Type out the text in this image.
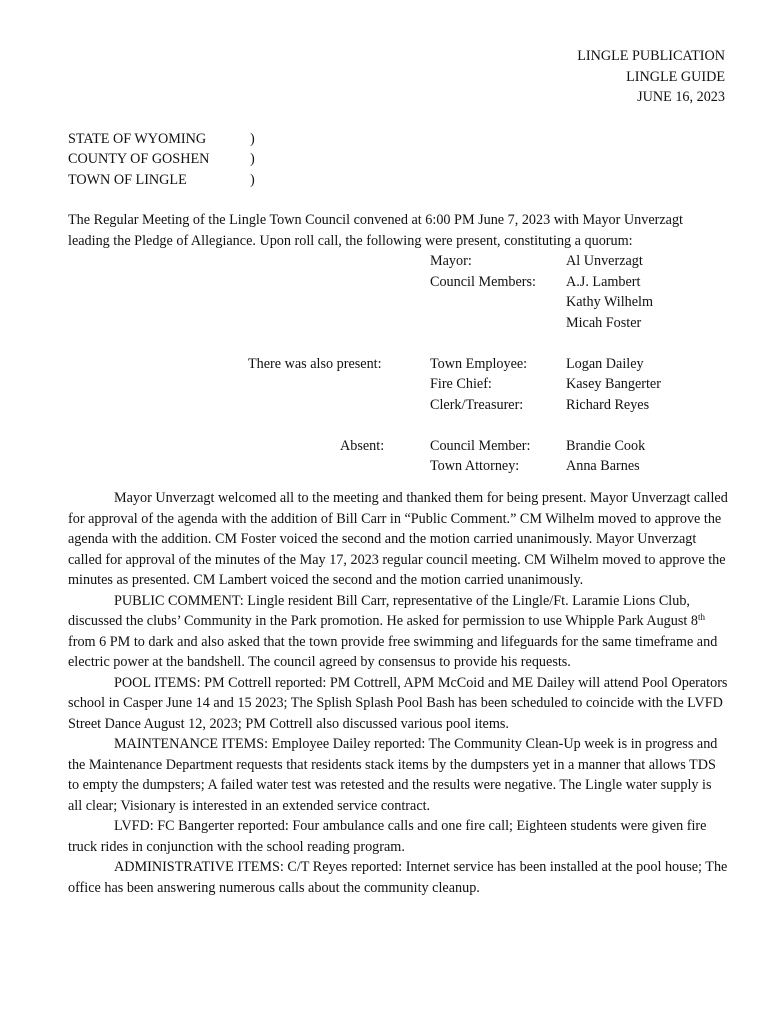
LINGLE PUBLICATION
LINGLE GUIDE
JUNE 16, 2023
STATE OF WYOMING	)
COUNTY OF GOSHEN	)
TOWN OF LINGLE	)
The Regular Meeting of the Lingle Town Council convened at 6:00 PM June 7, 2023 with Mayor Unverzagt leading the Pledge of Allegiance. Upon roll call, the following were present, constituting a quorum:
Mayor:	Al Unverzagt
Council Members: A.J. Lambert
Kathy Wilhelm
Micah Foster
There was also present:	Town Employee:	Logan Dailey
Fire Chief:	Kasey Bangerter
Clerk/Treasurer:	Richard Reyes
Absent:	Council Member:	Brandie Cook
Town Attorney:	Anna Barnes

Mayor Unverzagt welcomed all to the meeting and thanked them for being present. Mayor Unverzagt called for approval of the agenda with the addition of Bill Carr in “Public Comment.” CM Wilhelm moved to approve the agenda with the addition. CM Foster voiced the second and the motion carried unanimously. Mayor Unverzagt called for approval of the minutes of the May 17, 2023 regular council meeting. CM Wilhelm moved to approve the minutes as presented. CM Lambert voiced the second and the motion carried unanimously.

PUBLIC COMMENT: Lingle resident Bill Carr, representative of the Lingle/Ft. Laramie Lions Club, discussed the clubs’ Community in the Park promotion. He asked for permission to use Whipple Park August 8th from 6 PM to dark and also asked that the town provide free swimming and lifeguards for the same timeframe and electric power at the bandshell. The council agreed by consensus to provide his requests.

POOL ITEMS: PM Cottrell reported: PM Cottrell, APM McCoid and ME Dailey will attend Pool Operators school in Casper June 14 and 15 2023; The Splish Splash Pool Bash has been scheduled to coincide with the LVFD Street Dance August 12, 2023; PM Cottrell also discussed various pool items.

MAINTENANCE ITEMS: Employee Dailey reported: The Community Clean-Up week is in progress and the Maintenance Department requests that residents stack items by the dumpsters yet in a manner that allows TDS to empty the dumpsters; A failed water test was retested and the results were negative. The Lingle water supply is all clear; Visionary is interested in an extended service contract.

LVFD: FC Bangerter reported: Four ambulance calls and one fire call; Eighteen students were given fire truck rides in conjunction with the school reading program.

ADMINISTRATIVE ITEMS: C/T Reyes reported: Internet service has been installed at the pool house; The office has been answering numerous calls about the community cleanup.
